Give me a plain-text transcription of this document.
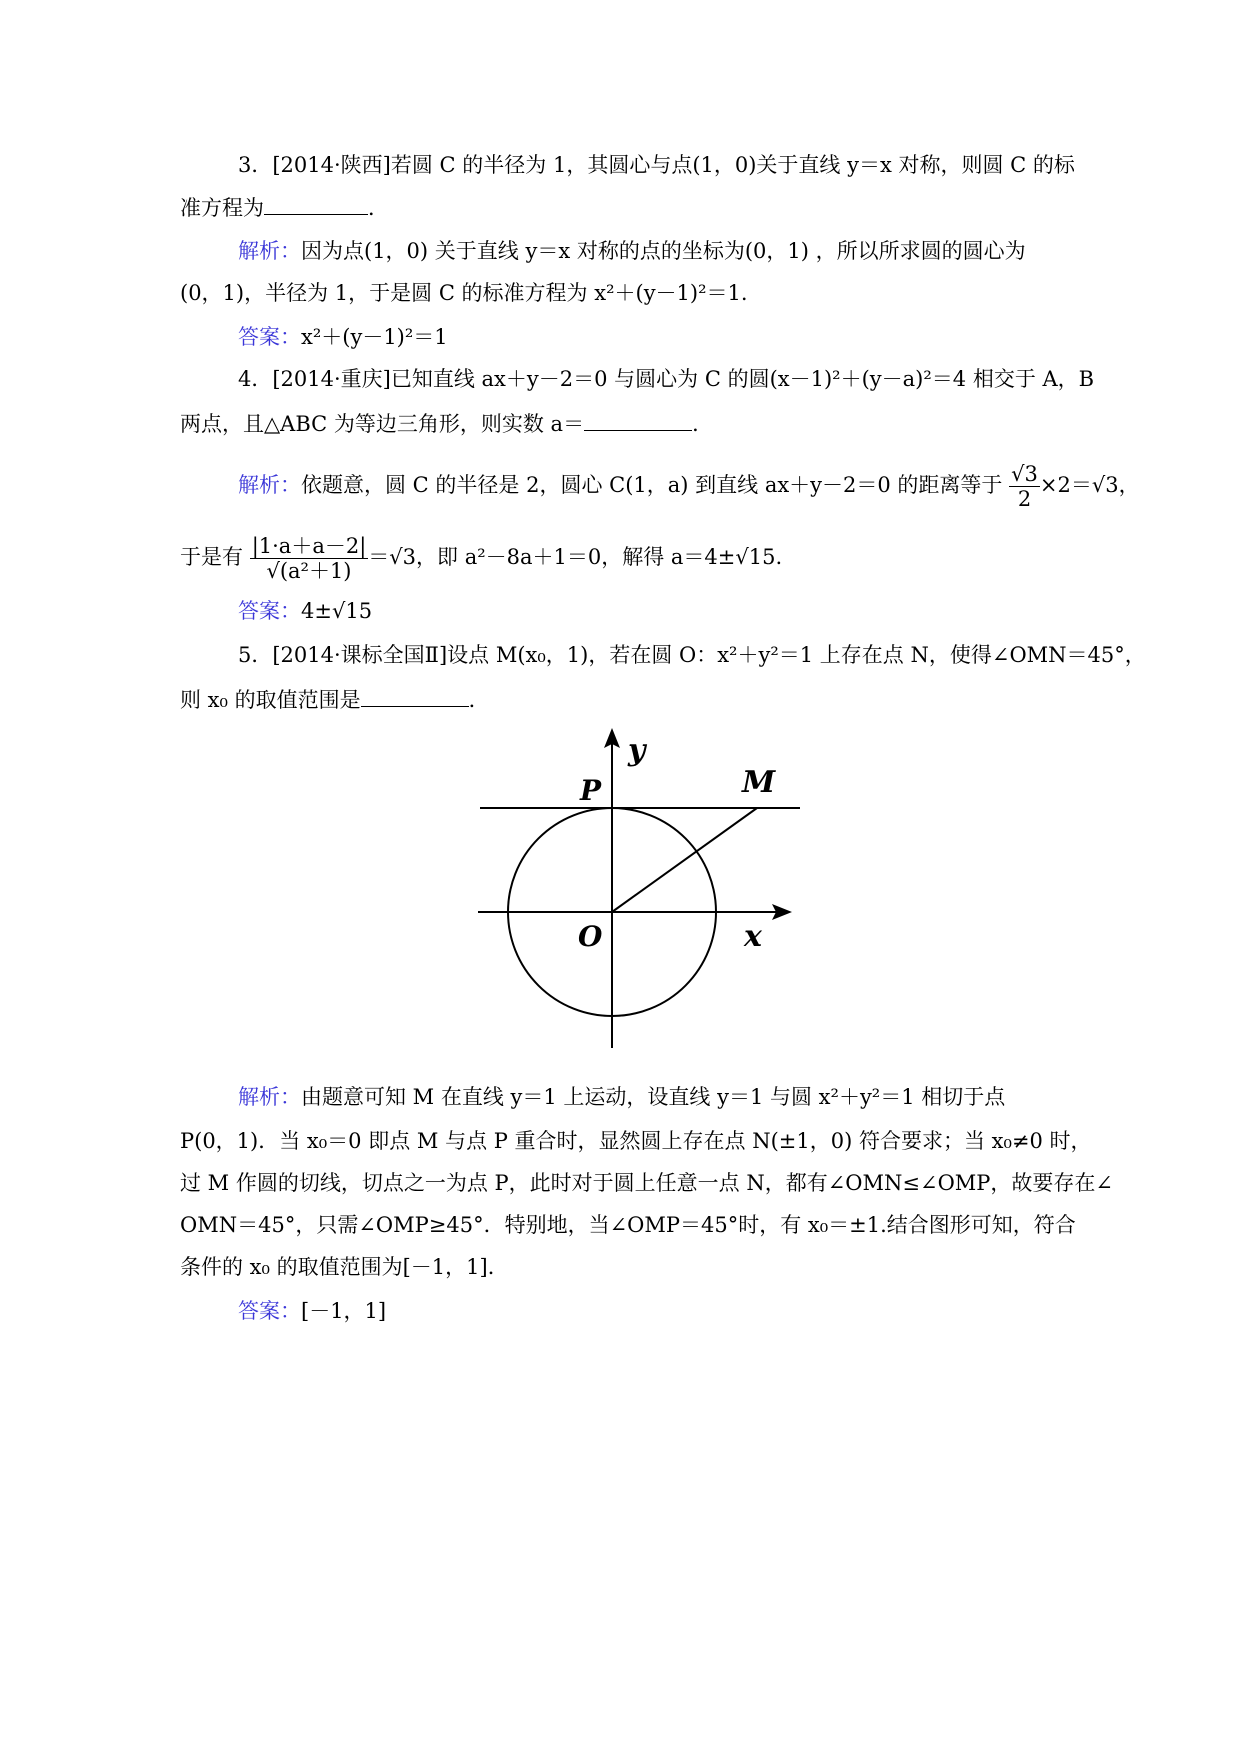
3．[2014·陕西]若圆 C 的半径为 1，其圆心与点(1，0)关于直线 y＝x 对称，则圆 C 的标
准方程为	．
解析：因为点(1，0) 关于直线 y＝x 对称的点的坐标为(0，1) ，所以所求圆的圆心为
(0，1)，半径为 1，于是圆 C 的标准方程为 x²＋(y－1)²＝1.
答案：x²＋(y－1)²＝1
4．[2014·重庆]已知直线 ax＋y－2＝0 与圆心为 C 的圆(x－1)²＋(y－a)²＝4 相交于 A，B
两点，且△ABC 为等边三角形，则实数 a＝	．
解析：依题意，圆 C 的半径是 2，圆心 C(1，a) 到直线 ax＋y－2＝0 的距离等于 $\frac{√3}{2} \times 2=√3$，
于是有 $\frac{|1\cdot a+a-2|}{\text{√(a²＋1)}} =√3$，即 a²－8a＋1＝0，解得 a＝4±√15.
答案：4±√15
5．[2014·课标全国Ⅱ]设点 M(x₀，1)，若在圆 O：x²＋y²＝1 上存在点 N，使得∠OMN＝45°，
则 x₀ 的取值范围是	．
y
x
O
P	M
解析：由题意可知 M 在直线 y＝1 上运动，设直线 y＝1 与圆 x²＋y²＝1 相切于点
P(0，1)．当 x₀＝0 即点 M 与点 P 重合时，显然圆上存在点 N(±1，0) 符合要求；当 x₀≠0 时，
过 M 作圆的切线，切点之一为点 P，此时对于圆上任意一点 N，都有∠OMN≤∠OMP，故要存在∠
OMN＝45°，只需∠OMP≥45°．特别地，当∠OMP＝45°时，有 x₀＝±1.结合图形可知，符合
条件的 x₀ 的取值范围为[－1，1]．
答案：[－1，1]
